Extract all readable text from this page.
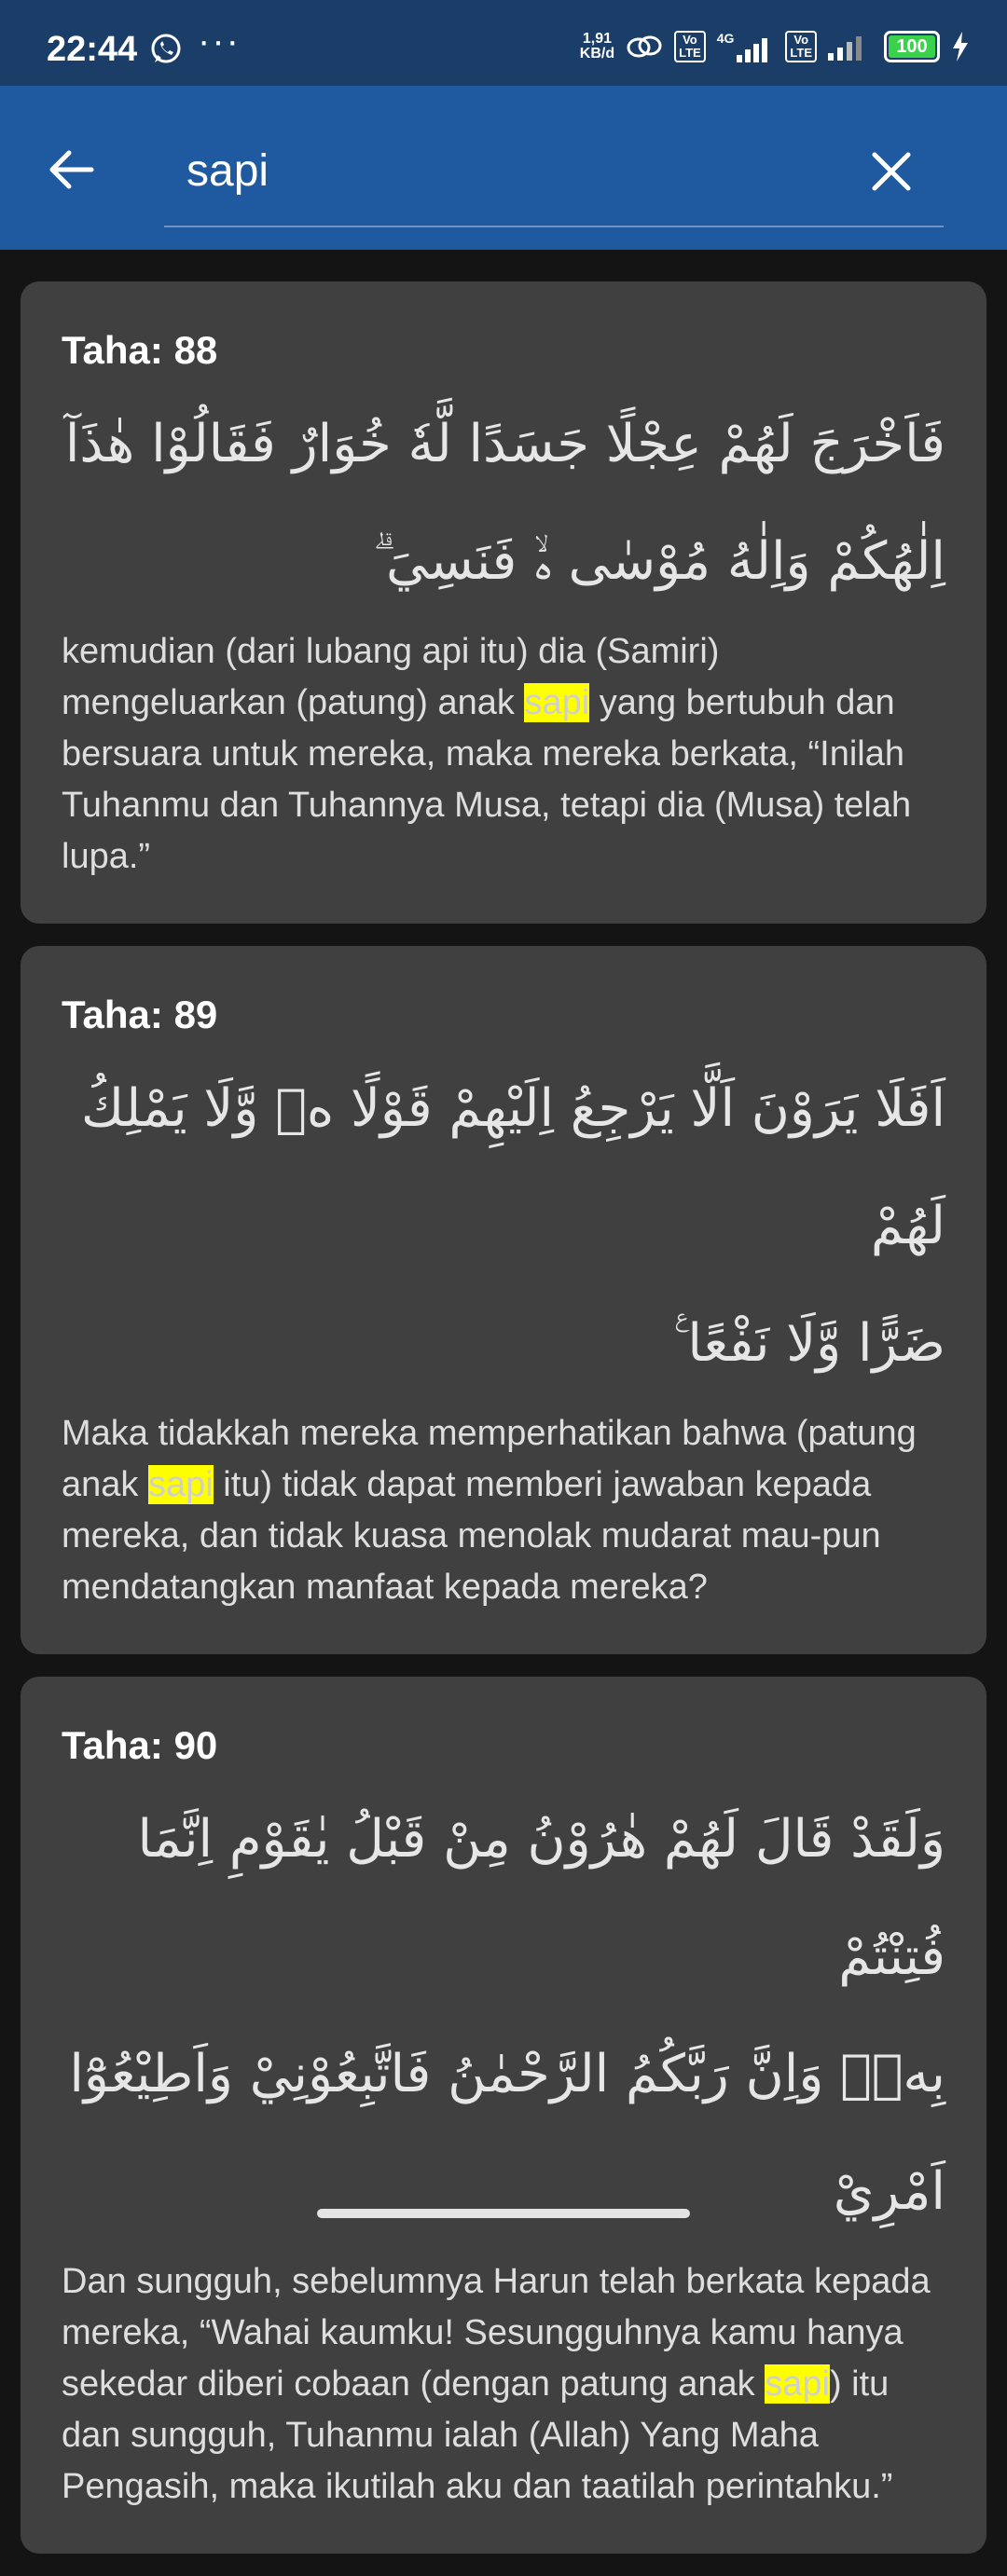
22:44 ···	1,91
KB/d
Vo
LTE
4G	Vo
LTE	100
sapi
Taha: 88
فَاَخْرَجَ لَهُمْ عِجْلًا جَسَدًا لَّهٗ خُوَارٌ فَقَالُوْا هٰذَآ
اِلٰهُكُمْ وَاِلٰهُ مُوْسٰى ەۙ فَنَسِيَ ۗ
kemudian (dari lubang api itu) dia (Samiri) mengeluarkan (patung) anak sapi yang bertubuh dan bersuara untuk mereka, maka mereka berkata, “Inilah Tuhanmu dan Tuhannya Musa, tetapi dia (Musa) telah lupa.”
Taha: 89
اَفَلَا يَرَوْنَ اَلَّا يَرْجِعُ اِلَيْهِمْ قَوْلًا ەۙ وَّلَا يَمْلِكُ لَهُمْ
ضَرًّا وَّلَا نَفْعًا ࣖ
Maka tidakkah mereka memperhatikan bahwa (patung anak sapi itu) tidak dapat memberi jawaban kepada mereka, dan tidak kuasa menolak mudarat mau-pun mendatangkan manfaat kepada mereka?
Taha: 90
وَلَقَدْ قَالَ لَهُمْ هٰرُوْنُ مِنْ قَبْلُ يٰقَوْمِ اِنَّمَا فُتِنْتُمْ
بِهٖۚ وَاِنَّ رَبَّكُمُ الرَّحْمٰنُ فَاتَّبِعُوْنِيْ وَاَطِيْعُوْٓا اَمْرِيْ
Dan sungguh, sebelumnya Harun telah berkata kepada mereka, “Wahai kaumku! Sesungguhnya kamu hanya sekedar diberi cobaan (dengan patung anak sapi) itu dan sungguh, Tuhanmu ialah (Allah) Yang Maha Pengasih, maka ikutilah aku dan taatilah perintahku.”
